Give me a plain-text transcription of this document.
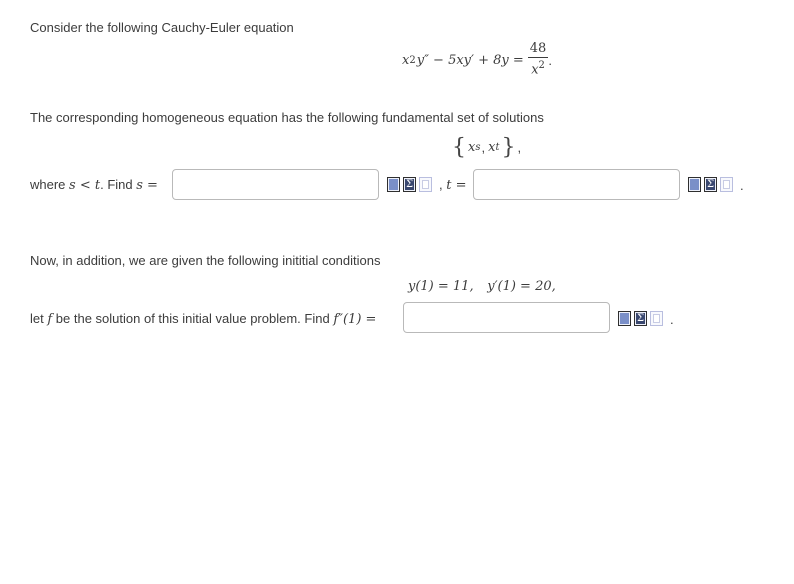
Consider the following Cauchy-Euler equation
x 2 $y'' - 5xy' + 8y = \frac{48}{x^2}$ .
The corresponding homogeneous equation has the following fundamental set of solutions
{ x s , x t } ,
where s < t. Find s =	Σ , t =	Σ .
Now, in addition, we are given the following inititial conditions
y(1) = 11, y′(1) = 20,
let f be the solution of this initial value problem. Find f″(1) =	Σ .
